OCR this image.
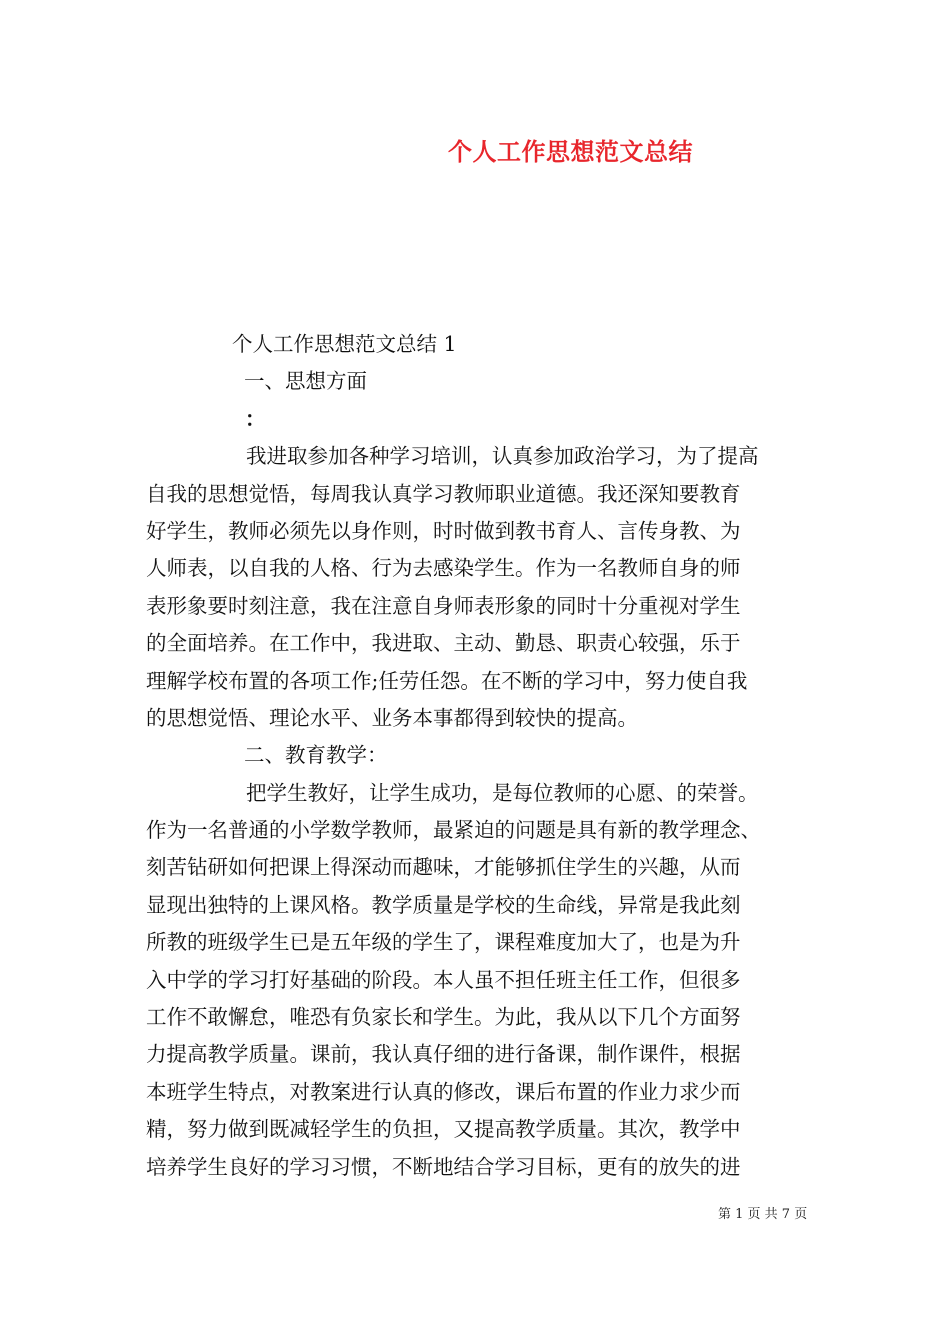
个人工作思想范文总结
个人工作思想范文总结 1
一、思想方面
：
我进取参加各种学习培训，认真参加政治学习，为了提高
自我的思想觉悟，每周我认真学习教师职业道德。我还深知要教育
好学生，教师必须先以身作则，时时做到教书育人、言传身教、为
人师表，以自我的人格、行为去感染学生。作为一名教师自身的师
表形象要时刻注意，我在注意自身师表形象的同时十分重视对学生
的全面培养。在工作中，我进取、主动、勤恳、职责心较强，乐于
理解学校布置的各项工作;任劳任怨。在不断的学习中，努力使自我
的思想觉悟、理论水平、业务本事都得到较快的提高。
二、教育教学：
把学生教好，让学生成功，是每位教师的心愿、的荣誉。
作为一名普通的小学数学教师，最紧迫的问题是具有新的教学理念、
刻苦钻研如何把课上得深动而趣味，才能够抓住学生的兴趣，从而
显现出独特的上课风格。教学质量是学校的生命线，异常是我此刻
所教的班级学生已是五年级的学生了，课程难度加大了，也是为升
入中学的学习打好基础的阶段。本人虽不担任班主任工作，但很多
工作不敢懈怠，唯恐有负家长和学生。为此，我从以下几个方面努
力提高教学质量。课前，我认真仔细的进行备课，制作课件，根据
本班学生特点，对教案进行认真的修改，课后布置的作业力求少而
精，努力做到既减轻学生的负担，又提高教学质量。其次，教学中
培养学生良好的学习习惯，不断地结合学习目标，更有的放失的进
第 1 页 共 7 页
